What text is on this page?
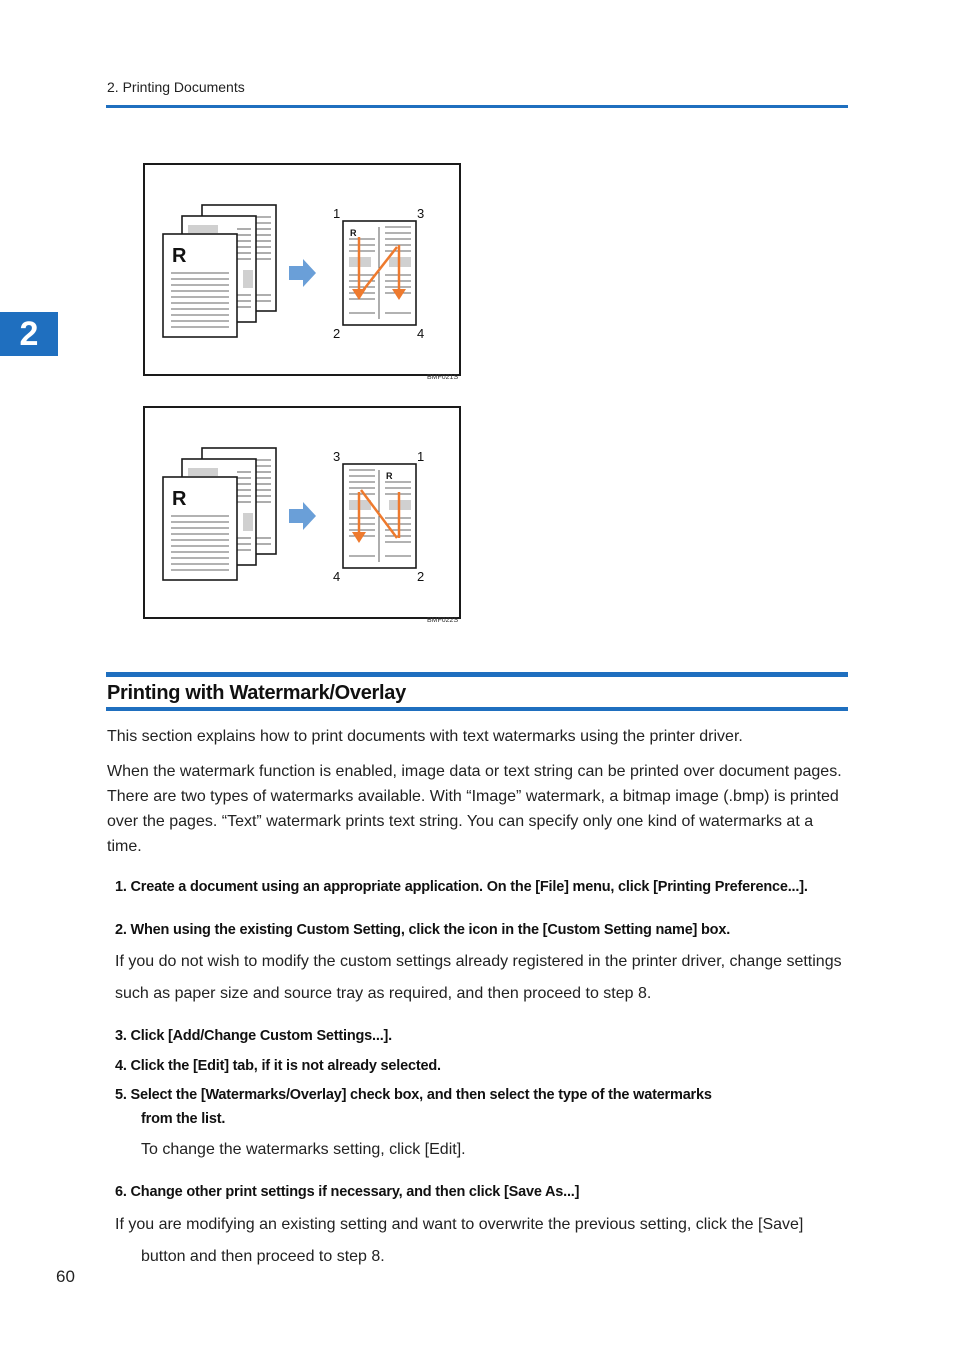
2. Printing Documents
2
R
1	3
2	4
R
BMF021S
R
3	1
4	2
R
BMF022S
Printing with Watermark/Overlay
This section explains how to print documents with text watermarks using the printer driver.
When the watermark function is enabled, image data or text string can be printed over document pages. There are two types of watermarks available. With “Image” watermark, a bitmap image (.bmp) is printed over the pages. “Text” watermark prints text string. You can specify only one kind of watermarks at a time.
1. Create a document using an appropriate application. On the [File] menu, click [Printing Preference...].
2. When using the existing Custom Setting, click the icon in the [Custom Setting name] box.
If you do not wish to modify the custom settings already registered in the printer driver, change settings such as paper size and source tray as required, and then proceed to step 8.
3. Click [Add/Change Custom Settings...].
4. Click the [Edit] tab, if it is not already selected.
5. Select the [Watermarks/Overlay] check box, and then select the type of the watermarks
from the list.
To change the watermarks setting, click [Edit].
6. Change other print settings if necessary, and then click [Save As...]
If you are modifying an existing setting and want to overwrite the previous setting, click the [Save]
button and then proceed to step 8.
60
